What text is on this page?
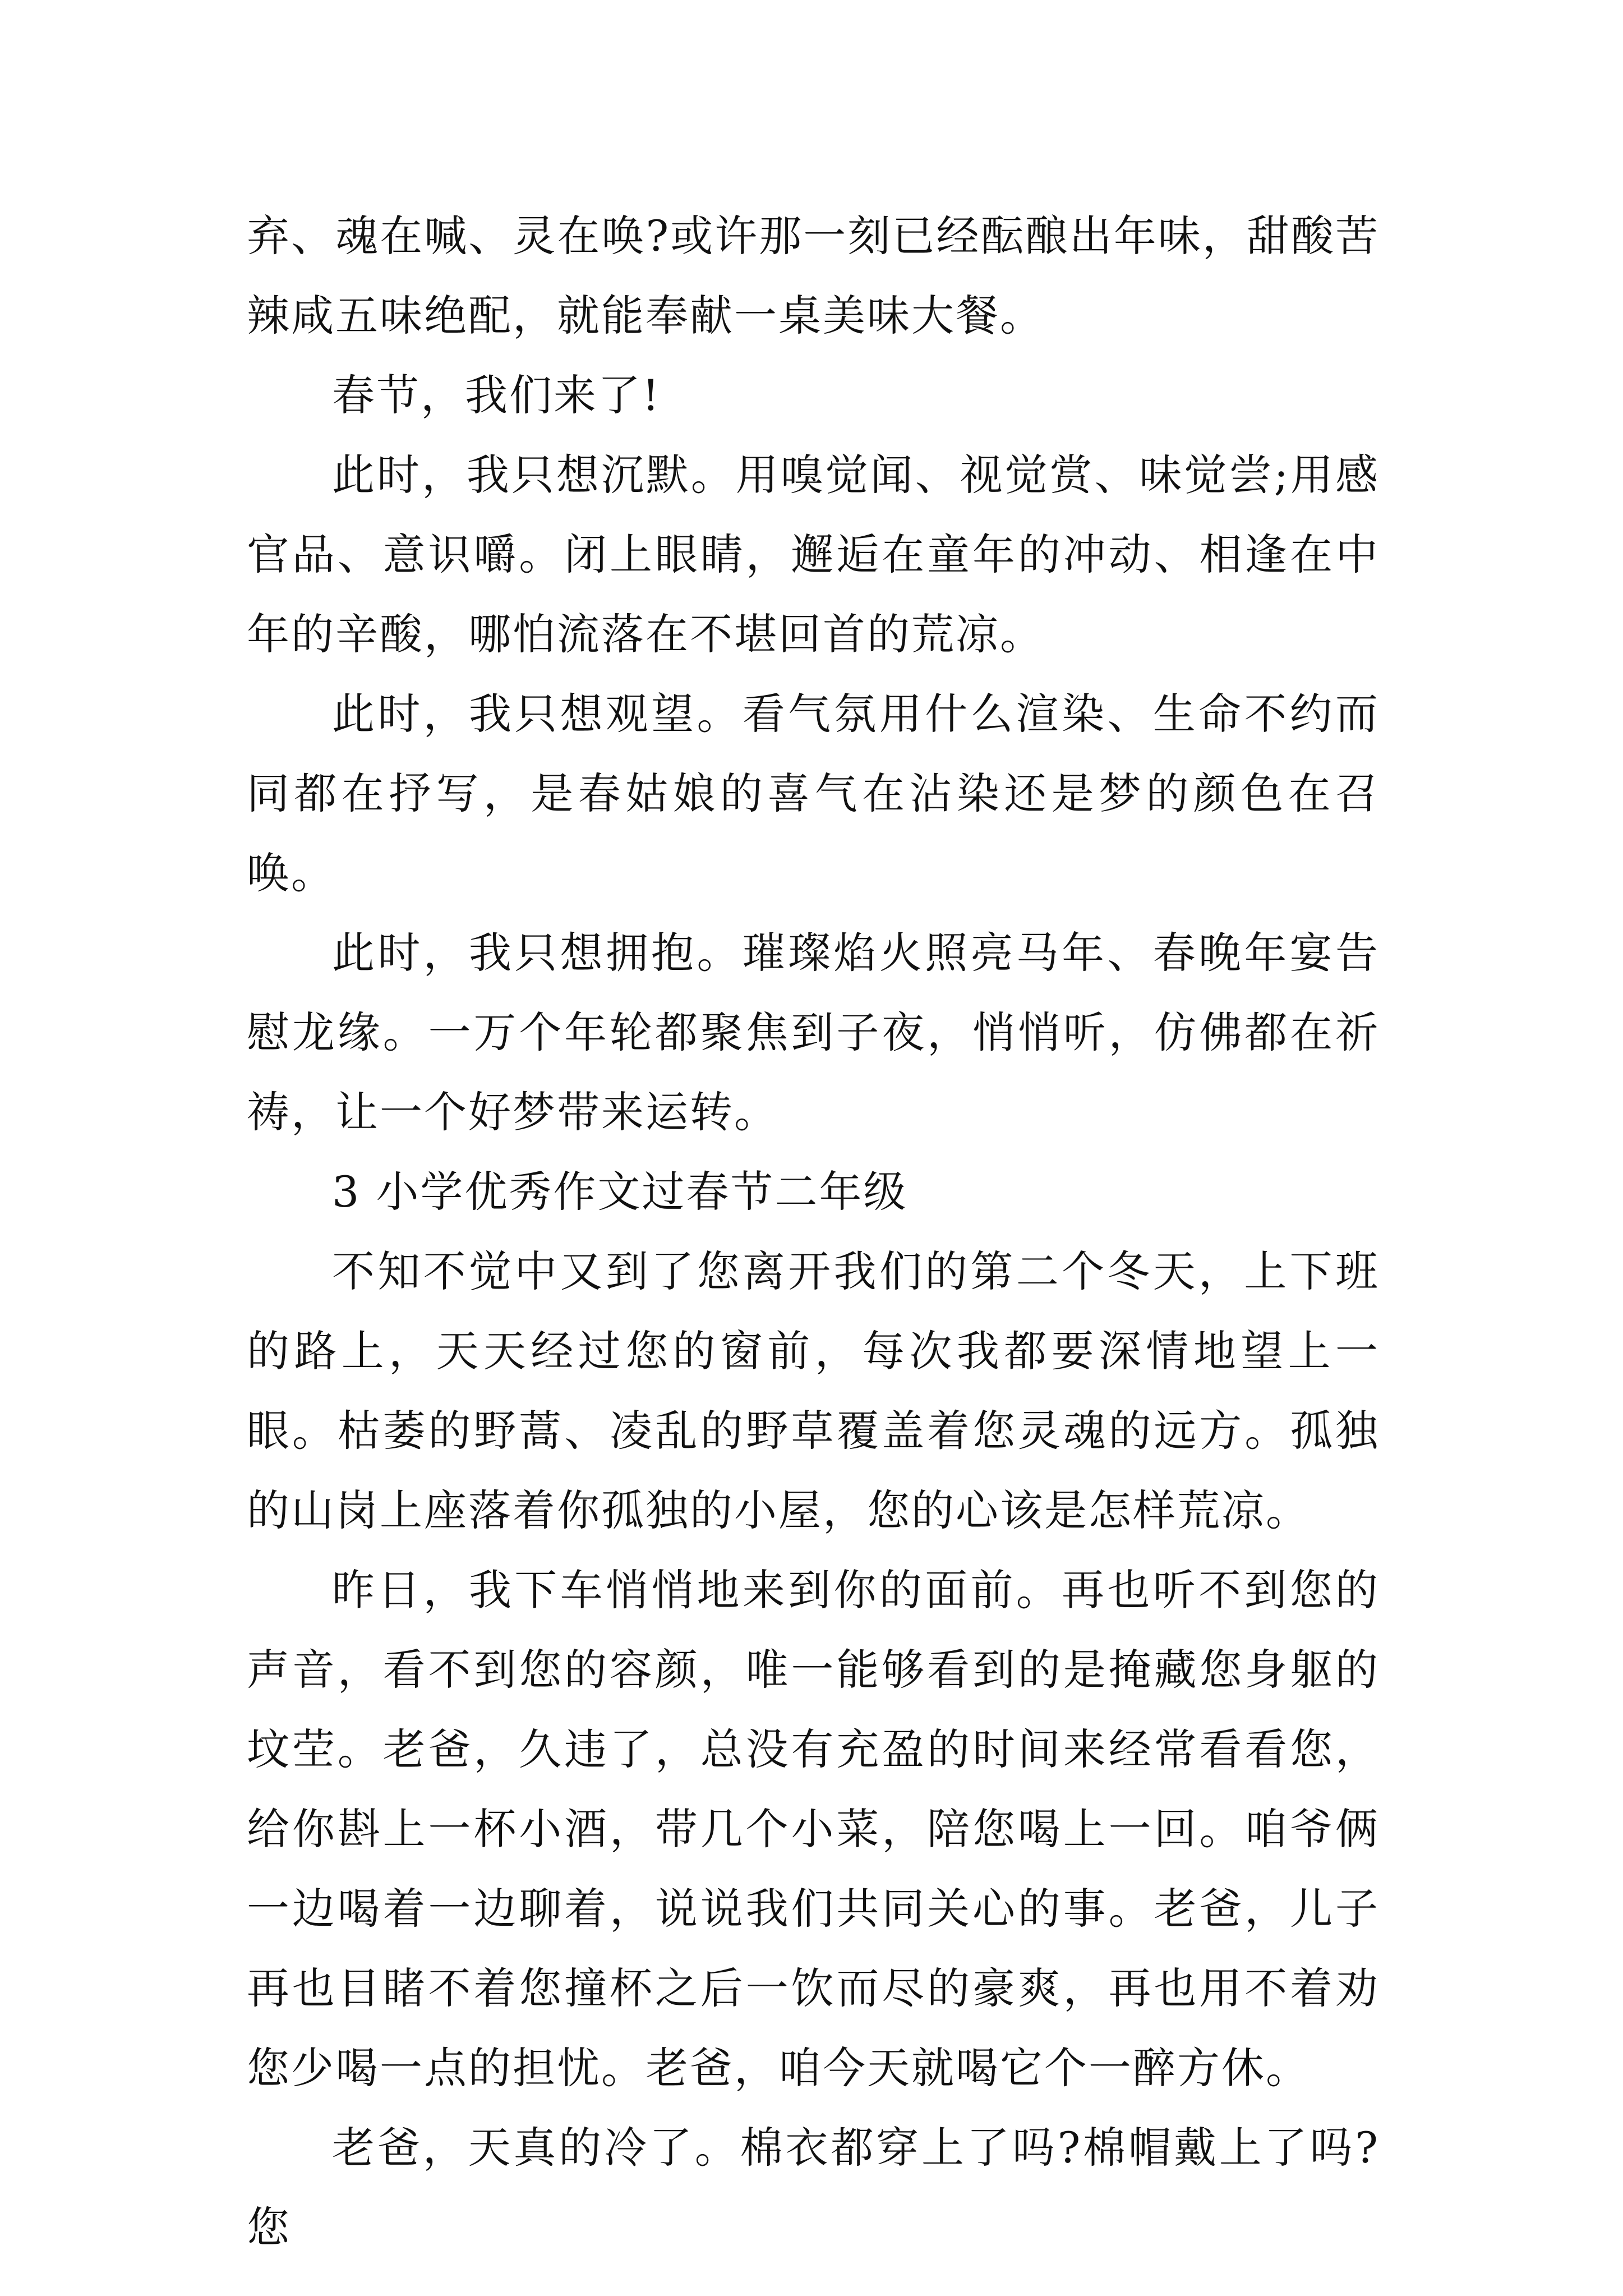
弃、魂在喊、灵在唤?或许那一刻已经酝酿出年味，甜酸苦辣咸五味绝配，就能奉献一桌美味大餐。

春节，我们来了!

此时，我只想沉默。用嗅觉闻、视觉赏、味觉尝;用感官品、意识嚼。闭上眼睛，邂逅在童年的冲动、相逢在中年的辛酸，哪怕流落在不堪回首的荒凉。

此时，我只想观望。看气氛用什么渲染、生命不约而同都在抒写，是春姑娘的喜气在沾染还是梦的颜色在召唤。

此时，我只想拥抱。璀璨焰火照亮马年、春晚年宴告慰龙缘。一万个年轮都聚焦到子夜，悄悄听，仿佛都在祈祷，让一个好梦带来运转。

3 小学优秀作文过春节二年级

不知不觉中又到了您离开我们的第二个冬天，上下班的路上，天天经过您的窗前，每次我都要深情地望上一眼。枯萎的野蒿、凌乱的野草覆盖着您灵魂的远方。孤独的山岗上座落着你孤独的小屋，您的心该是怎样荒凉。

昨日，我下车悄悄地来到你的面前。再也听不到您的声音，看不到您的容颜，唯一能够看到的是掩藏您身躯的坟茔。老爸，久违了，总没有充盈的时间来经常看看您，给你斟上一杯小酒，带几个小菜，陪您喝上一回。咱爷俩一边喝着一边聊着，说说我们共同关心的事。老爸，儿子再也目睹不着您撞杯之后一饮而尽的豪爽，再也用不着劝您少喝一点的担忧。老爸，咱今天就喝它个一醉方休。

老爸，天真的冷了。棉衣都穿上了吗?棉帽戴上了吗?您
